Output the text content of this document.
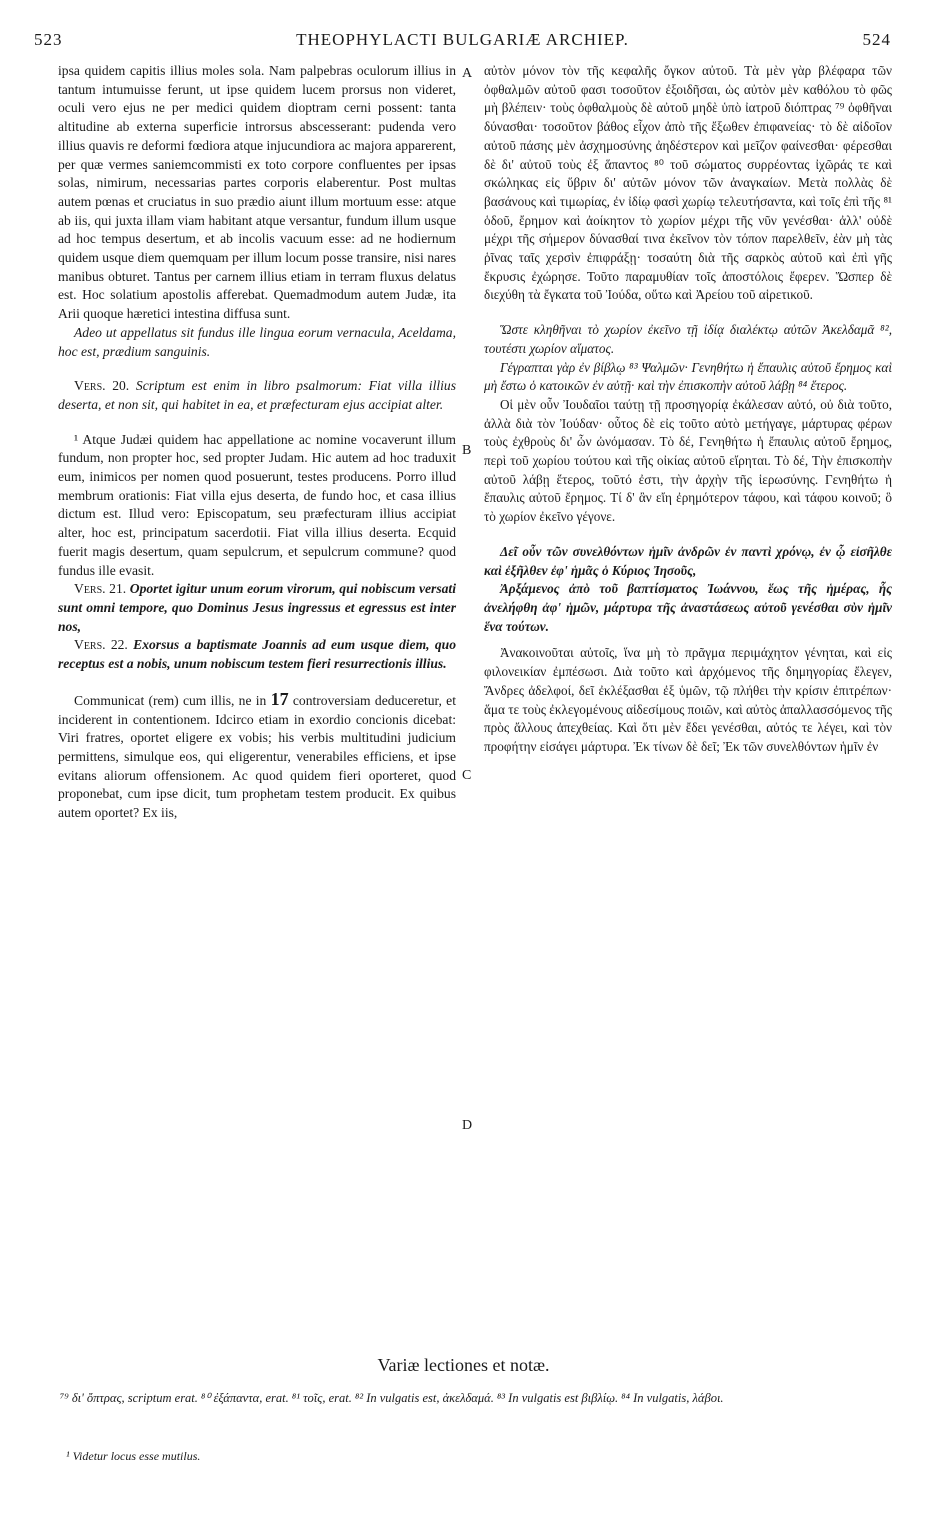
523	THEOPHYLACTI BULGARIÆ ARCHIEP.	524

ipsa quidem capitis illius moles sola. Nam palpebras oculorum illius in tantum intumuisse ferunt, ut ipse quidem lucem prorsus non videret, oculi vero ejus ne per medici quidem dioptram cerni possent: tanta altitudine ab externa superficie introrsus abscesserant: pudenda vero illius quavis re deformi fœdiora atque injucundiora ac majora apparerent, per quæ vermes saniemcommisti ex toto corpore confluentes per ipsas solas, nimirum, necessarias partes corporis elaberentur. Post multas autem pœnas et cruciatus in suo prædio aiunt illum mortuum esse: atque ab iis, qui juxta illam viam habitant atque versantur, fundum illum usque ad hoc tempus desertum, et ab incolis vacuum esse: ad ne hodiernum quidem usque diem quemquam per illum locum posse transire, nisi nares manibus obturet. Tantus per carnem illius etiam in terram fluxus delatus est. Hoc solatium apostolis afferebat. Quemadmodum autem Judæ, ita Arii quoque hæretici intestina diffusa sunt.

Adeo ut appellatus sit fundus ille lingua eorum vernacula, Aceldama, hoc est, prædium sanguinis.

Vers. 20. Scriptum est enim in libro psalmorum: Fiat villa illius deserta, et non sit, qui habitet in ea, et præfecturam ejus accipiat alter.

¹ Atque Judæi quidem hac appellatione ac nomine vocaverunt illum fundum, non propter hoc, sed propter Judam. Hic autem ad hoc traduxit eum, inimicos per nomen quod posuerunt, testes producens. Porro illud membrum orationis: Fiat villa ejus deserta, de fundo hoc, et casa illius dictum est. Illud vero: Episcopatum, seu præfecturam illius accipiat alter, hoc est, principatum sacerdotii. Fiat villa illius deserta. Ecquid fuerit magis desertum, quam sepulcrum, et sepulcrum commune? quod fundus ille evasit.

Vers. 21. Oportet igitur unum eorum virorum, qui nobiscum versati sunt omni tempore, quo Dominus Jesus ingressus et egressus est inter nos,

Vers. 22. Exorsus a baptismate Joannis ad eum usque diem, quo receptus est a nobis, unum nobiscum testem fieri resurrectionis illius.

Communicat (rem) cum illis, ne in 17 controversiam deduceretur, et inciderent in contentionem. Idcirco etiam in exordio concionis dicebat: Viri fratres, oportet eligere ex vobis; his verbis multitudini judicium permittens, simulque eos, qui eligerentur, venerabiles efficiens, et ipse evitans aliorum offensionem. Ac quod quidem fieri oporteret, quod proponebat, cum ipse dicit, tum prophetam testem producit. Ex quibus autem oportet? Ex iis,

A
B
C
D

αὐτὸν μόνον τὸν τῆς κεφαλῆς ὄγκον αὐτοῦ. Τὰ μὲν γὰρ βλέφαρα τῶν ὀφθαλμῶν αὐτοῦ φασι τοσοῦτον ἐξοιδῆσαι, ὡς αὐτὸν μὲν καθόλου τὸ φῶς μὴ βλέπειν· τοὺς ὀφθαλμοὺς δὲ αὐτοῦ μηδὲ ὑπὸ ἰατροῦ διόπτρας ⁷⁹ ὀφθῆναι δύνασθαι· τοσοῦτον βάθος εἶχον ἀπὸ τῆς ἔξωθεν ἐπιφανείας· τὸ δὲ αἰδοῖον αὐτοῦ πάσης μὲν ἀσχημοσύνης ἀηδέστερον καὶ μεῖζον φαίνεσθαι· φέρεσθαι δὲ δι' αὐτοῦ τοὺς ἐξ ἅπαντος ⁸⁰ τοῦ σώματος συρρέοντας ἰχῶράς τε καὶ σκώληκας εἰς ὕβριν δι' αὐτῶν μόνον τῶν ἀναγκαίων. Μετὰ πολλὰς δὲ βασάνους καὶ τιμωρίας, ἐν ἰδίῳ φασὶ χωρίῳ τελευτήσαντα, καὶ τοῖς ἐπὶ τῆς ⁸¹ ὁδοῦ, ἔρημον καὶ ἀοίκητον τὸ χωρίον μέχρι τῆς νῦν γενέσθαι· ἀλλ' οὐδὲ μέχρι τῆς σήμερον δύνασθαί τινα ἐκεῖνον τὸν τόπον παρελθεῖν, ἐὰν μὴ τὰς ῥῖνας ταῖς χερσὶν ἐπιφράξῃ· τοσαύτη διὰ τῆς σαρκὸς αὐτοῦ καὶ ἐπὶ γῆς ἔκρυσις ἐχώρησε. Τοῦτο παραμυθίαν τοῖς ἀποστόλοις ἔφερεν. Ὥσπερ δὲ διεχύθη τὰ ἔγκατα τοῦ Ἰούδα, οὕτω καὶ Ἀρείου τοῦ αἱρετικοῦ.

Ὥστε κληθῆναι τὸ χωρίον ἐκεῖνο τῇ ἰδίᾳ διαλέκτῳ αὐτῶν Ἀκελδαμᾶ ⁸², τουτέστι χωρίον αἵματος.

Γέγραπται γὰρ ἐν βίβλῳ ⁸³ Ψαλμῶν· Γενηθήτω ἡ ἔπαυλις αὐτοῦ ἔρημος καὶ μὴ ἔστω ὁ κατοικῶν ἐν αὐτῇ· καὶ τὴν ἐπισκοπὴν αὐτοῦ λάβῃ ⁸⁴ ἕτερος.

Οἱ μὲν οὖν Ἰουδαῖοι ταύτῃ τῇ προσηγορίᾳ ἐκάλεσαν αὐτό, οὐ διὰ τοῦτο, ἀλλὰ διὰ τὸν Ἰούδαν· οὗτος δὲ εἰς τοῦτο αὐτὸ μετήγαγε, μάρτυρας φέρων τοὺς ἐχθροὺς δι' ὧν ὠνόμασαν. Τὸ δέ, Γενηθήτω ἡ ἔπαυλις αὐτοῦ ἔρημος, περὶ τοῦ χωρίου τούτου καὶ τῆς οἰκίας αὐτοῦ εἴρηται. Τὸ δέ, Τὴν ἐπισκοπὴν αὐτοῦ λάβῃ ἕτερος, τοῦτό ἐστι, τὴν ἀρχὴν τῆς ἱερωσύνης. Γενηθήτω ἡ ἔπαυλις αὐτοῦ ἔρημος. Τί δ' ἂν εἴη ἐρημότερον τάφου, καὶ τάφου κοινοῦ; ὃ τὸ χωρίον ἐκεῖνο γέγονε.

Δεῖ οὖν τῶν συνελθόντων ἡμῖν ἀνδρῶν ἐν παντὶ χρόνῳ, ἐν ᾧ εἰσῆλθε καὶ ἐξῆλθεν ἐφ' ἡμᾶς ὁ Κύριος Ἰησοῦς,

Ἀρξάμενος ἀπὸ τοῦ βαπτίσματος Ἰωάννου, ἕως τῆς ἡμέρας, ἧς ἀνελήφθη ἀφ' ἡμῶν, μάρτυρα τῆς ἀναστάσεως αὐτοῦ γενέσθαι σὺν ἡμῖν ἕνα τούτων.

Ἀνακοινοῦται αὐτοῖς, ἵνα μὴ τὸ πρᾶγμα περιμάχητον γένηται, καὶ εἰς φιλονεικίαν ἐμπέσωσι. Διὰ τοῦτο καὶ ἀρχόμενος τῆς δημηγορίας ἔλεγεν, Ἄνδρες ἀδελφοί, δεῖ ἐκλέξασθαι ἐξ ὑμῶν, τῷ πλήθει τὴν κρίσιν ἐπιτρέπων· ἅμα τε τοὺς ἐκλεγομένους αἰδεσίμους ποιῶν, καὶ αὐτὸς ἀπαλλασσόμενος τῆς πρὸς ἄλλους ἀπεχθείας. Καὶ ὅτι μὲν ἔδει γενέσθαι, αὐτός τε λέγει, καὶ τὸν προφήτην εἰσάγει μάρτυρα. Ἐκ τίνων δὲ δεῖ; Ἐκ τῶν συνελθόντων ἡμῖν ἐν

Variæ lectiones et notæ.
⁷⁹ δι' ὄπτρας, scriptum erat. ⁸⁰ ἐξάπαντα, erat. ⁸¹ τοῖς, erat. ⁸² In vulgatis est, ἀκελδαμά. ⁸³ In vulgatis est βιβλίῳ. ⁸⁴ In vulgatis, λάβοι.
¹ Videtur locus esse mutilus.
